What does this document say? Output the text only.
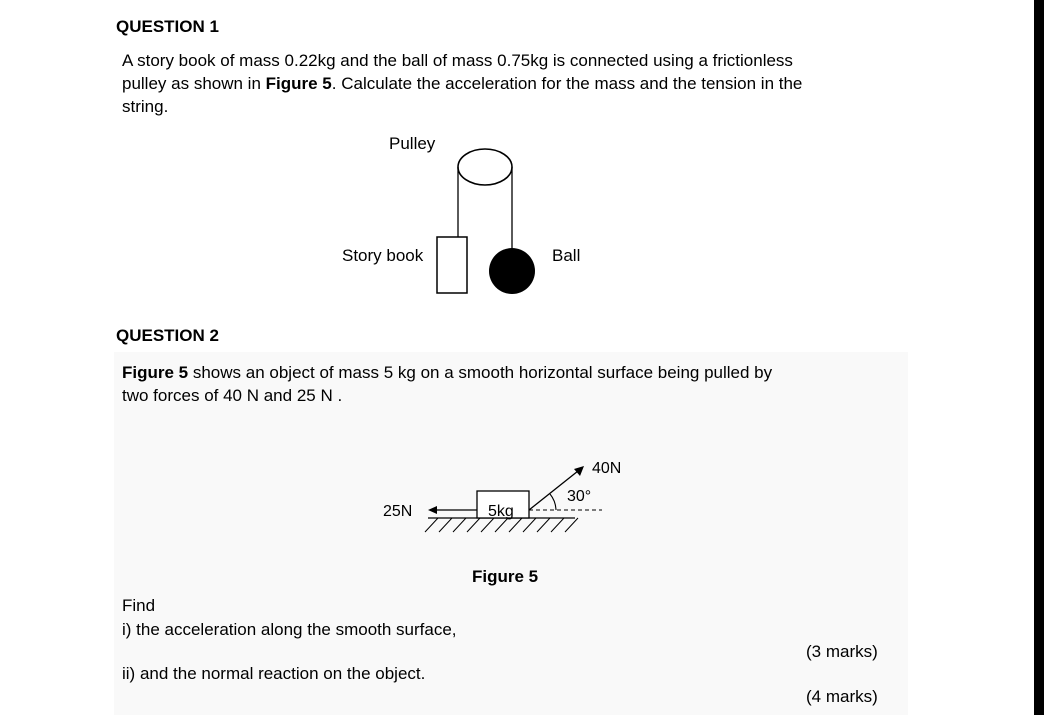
QUESTION 1
A story book of mass 0.22kg and the ball of mass 0.75kg is connected using a frictionless
pulley as shown in Figure 5. Calculate the acceleration for the mass and the tension in the
string.
Pulley
Story book	Ball
QUESTION 2
Figure 5 shows an object of mass 5 kg on a smooth horizontal surface being pulled by
two forces of 40 N and 25 N .
25N	5kg
40N
30°
Figure 5
Find
i) the acceleration along the smooth surface,
(3 marks)
ii) and the normal reaction on the object.
(4 marks)
